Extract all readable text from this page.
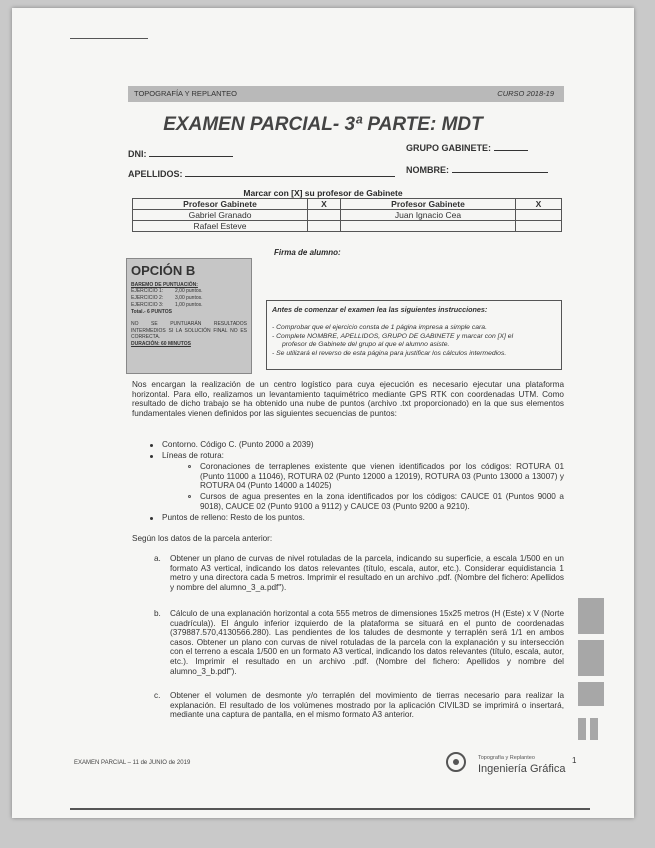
TOPOGRAFÍA Y REPLANTEO	CURSO 2018-19
EXAMEN PARCIAL- 3ª PARTE: MDT
DNI:
GRUPO GABINETE:
APELLIDOS:	NOMBRE:
Marcar con [X] su profesor de Gabinete
Profesor Gabinete	X	Profesor Gabinete	X
Gabriel Granado		Juan Ignacio Cea	
Rafael Esteve			
Firma de alumno:
OPCIÓN B
BAREMO DE PUNTUACIÓN:
EJERCICIO 1:	2,00 puntos.
EJERCICIO 2:	3,00 puntos.
EJERCICIO 3:	1,00 puntos.
Total.- 6 PUNTOS
NO SE PUNTUARÁN RESULTADOS INTERMEDIOS SI LA SOLUCIÓN FINAL NO ES CORRECTA.
DURACIÓN: 60 MINUTOS
Antes de comenzar el examen lea las siguientes instrucciones:
- Comprobar que el ejercicio consta de 1 página impresa a simple cara.
- Complete NOMBRE, APELLIDOS, GRUPO DE GABINETE y marcar con [X] el
profesor de Gabinete del grupo al que el alumno asiste.
- Se utilizará el reverso de esta página para justificar los cálculos intermedios.
Nos encargan la realización de un centro logístico para cuya ejecución es necesario ejecutar una plataforma horizontal. Para ello, realizamos un levantamiento taquimétrico mediante GPS RTK con coordenadas UTM. Como resultado de dicho trabajo se ha obtenido una nube de puntos (archivo .txt proporcionado) en la que sus elementos fundamentales vienen definidos por las siguientes secuencias de puntos:
Contorno. Código C. (Punto 2000 a 2039)
Líneas de rotura:
Coronaciones de terraplenes existente que vienen identificados por los códigos: ROTURA 01 (Punto 11000 a 11046), ROTURA 02 (Punto 12000 a 12019), ROTURA 03 (Punto 13000 a 13007) y ROTURA 04 (Punto 14000 a 14025)
Cursos de agua presentes en la zona identificados por los códigos: CAUCE 01 (Puntos 9000 a 9018), CAUCE 02 (Punto 9100 a 9112) y CAUCE 03 (Punto 9200 a 9210).
Puntos de relleno: Resto de los puntos.
Según los datos de la parcela anterior:
a. Obtener un plano de curvas de nivel rotuladas de la parcela, indicando su superficie, a escala 1/500 en un formato A3 vertical, indicando los datos relevantes (título, escala, autor, etc.). Considerar equidistancia 1 metro y una directora cada 5 metros. Imprimir el resultado en un archivo .pdf. (Nombre del fichero: Apellidos y nombre del alumno_3_a.pdf").
b. Cálculo de una explanación horizontal a cota 555 metros de dimensiones 15x25 metros (H (Este) x V (Norte cuadrícula)). El ángulo inferior izquierdo de la plataforma se situará en el punto de coordenadas (379887.570,4130566.280). Las pendientes de los taludes de desmonte y terraplén será 1/1 en ambos casos. Obtener un plano con curvas de nivel rotuladas de la parcela con la explanación y su intersección con el terreno a escala 1/500 en un formato A3 vertical, indicando los datos relevantes (título, escala, autor, etc.). Imprimir el resultado en un archivo .pdf. (Nombre del fichero: Apellidos y nombre del alumno_3_b.pdf").
c. Obtener el volumen de desmonte y/o terraplén del movimiento de tierras necesario para realizar la explanación. El resultado de los volúmenes mostrado por la aplicación CIVIL3D se imprimirá o insertará, mediante una captura de pantalla, en el mismo formato A3 anterior.
EXAMEN PARCIAL – 11 de JUNIO de 2019
Topografía y Replanteo
Ingeniería Gráfica
1
